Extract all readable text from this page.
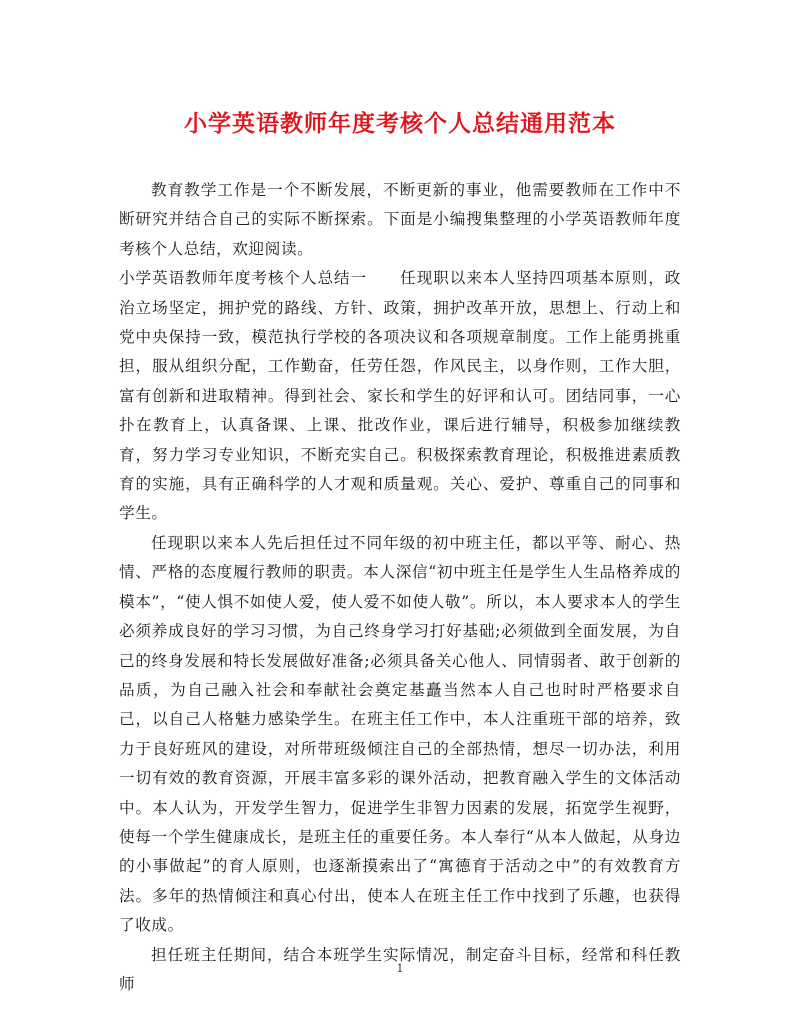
小学英语教师年度考核个人总结通用范本

教育教学工作是一个不断发展，不断更新的事业，他需要教师在工作中不断研究并结合自己的实际不断探索。下面是小编搜集整理的小学英语教师年度考核个人总结，欢迎阅读。

小学英语教师年度考核个人总结一　　任现职以来本人坚持四项基本原则，政治立场坚定，拥护党的路线、方针、政策，拥护改革开放，思想上、行动上和党中央保持一致，模范执行学校的各项决议和各项规章制度。工作上能勇挑重担，服从组织分配，工作勤奋，任劳任怨，作风民主，以身作则，工作大胆，富有创新和进取精神。得到社会、家长和学生的好评和认可。团结同事，一心扑在教育上，认真备课、上课、批改作业，课后进行辅导，积极参加继续教育，努力学习专业知识，不断充实自己。积极探索教育理论，积极推进素质教育的实施，具有正确科学的人才观和质量观。关心、爱护、尊重自己的同事和学生。

任现职以来本人先后担任过不同年级的初中班主任，都以平等、耐心、热情、严格的态度履行教师的职责。本人深信“初中班主任是学生人生品格养成的模本”，“使人惧不如使人爱，使人爱不如使人敬”。所以，本人要求本人的学生必须养成良好的学习习惯，为自己终身学习打好基础;必须做到全面发展，为自己的终身发展和特长发展做好准备;必须具备关心他人、同情弱者、敢于创新的品质，为自己融入社会和奉献社会奠定基矗当然本人自己也时时严格要求自己，以自己人格魅力感染学生。在班主任工作中，本人注重班干部的培养，致力于良好班风的建设，对所带班级倾注自己的全部热情，想尽一切办法，利用一切有效的教育资源，开展丰富多彩的课外活动，把教育融入学生的文体活动中。本人认为，开发学生智力，促进学生非智力因素的发展，拓宽学生视野，使每一个学生健康成长，是班主任的重要任务。本人奉行“从本人做起，从身边的小事做起”的育人原则，也逐渐摸索出了“寓德育于活动之中”的有效教育方法。多年的热情倾注和真心付出，使本人在班主任工作中找到了乐趣，也获得了收成。

担任班主任期间，结合本班学生实际情况，制定奋斗目标，经常和科任教师

1
